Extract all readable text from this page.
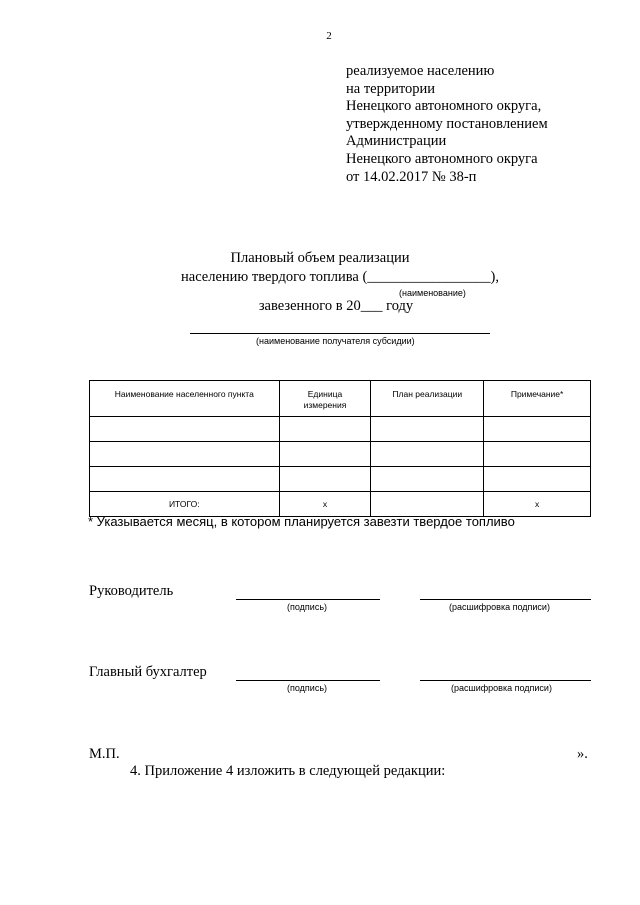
2
реализуемое населению
на территории
Ненецкого автономного округа,
утвержденному постановлением
Администрации
Ненецкого автономного округа
от 14.02.2017 № 38-п
Плановый объем реализации
населению твердого топлива (_________________),
(наименование)
завезенного в 20___ году
(наименование получателя субсидии)
Наименование населенного пункта	Единица измерения	План реализации	Примечание*

ИТОГО:	x		x
* Указывается месяц, в котором планируется завезти твердое топливо
Руководитель
(подпись)	(расшифровка подписи)
Главный бухгалтер
(подпись)	(расшифровка подписи)
М.П.	».
4. Приложение 4 изложить в следующей редакции:
